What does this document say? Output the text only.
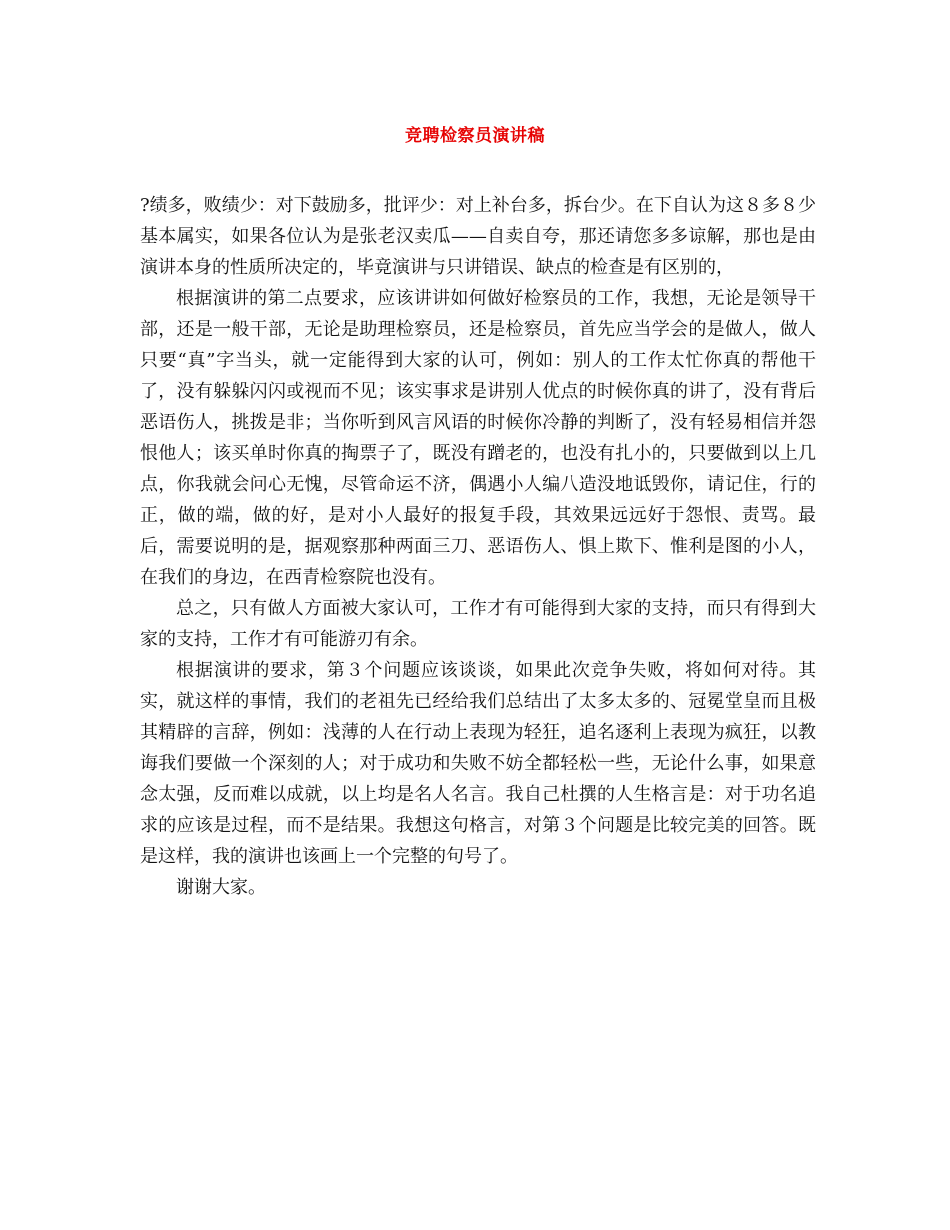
竞聘检察员演讲稿

?绩多，败绩少：对下鼓励多，批评少：对上补台多，拆台少。在下自认为这８多８少基本属实，如果各位认为是张老汉卖瓜——自卖自夸，那还请您多多谅解，那也是由演讲本身的性质所决定的，毕竟演讲与只讲错误、缺点的检查是有区别的，

根据演讲的第二点要求，应该讲讲如何做好检察员的工作，我想，无论是领导干部，还是一般干部，无论是助理检察员，还是检察员，首先应当学会的是做人，做人只要“真”字当头，就一定能得到大家的认可，例如：别人的工作太忙你真的帮他干了，没有躲躲闪闪或视而不见；该实事求是讲别人优点的时候你真的讲了，没有背后恶语伤人，挑拨是非；当你听到风言风语的时候你冷静的判断了，没有轻易相信并怨恨他人；该买单时你真的掏票子了，既没有蹭老的，也没有扎小的，只要做到以上几点，你我就会问心无愧，尽管命运不济，偶遇小人编八造没地诋毁你，请记住，行的正，做的端，做的好，是对小人最好的报复手段，其效果远远好于怨恨、责骂。最后，需要说明的是，据观察那种两面三刀、恶语伤人、惧上欺下、惟利是图的小人，在我们的身边，在西青检察院也没有。

总之，只有做人方面被大家认可，工作才有可能得到大家的支持，而只有得到大家的支持，工作才有可能游刃有余。

根据演讲的要求，第３个问题应该谈谈，如果此次竞争失败，将如何对待。其实，就这样的事情，我们的老祖先已经给我们总结出了太多太多的、冠冕堂皇而且极其精辟的言辞，例如：浅薄的人在行动上表现为轻狂，追名逐利上表现为疯狂，以教诲我们要做一个深刻的人；对于成功和失败不妨全都轻松一些，无论什么事，如果意念太强，反而难以成就，以上均是名人名言。我自己杜撰的人生格言是：对于功名追求的应该是过程，而不是结果。我想这句格言，对第３个问题是比较完美的回答。既是这样，我的演讲也该画上一个完整的句号了。

谢谢大家。
